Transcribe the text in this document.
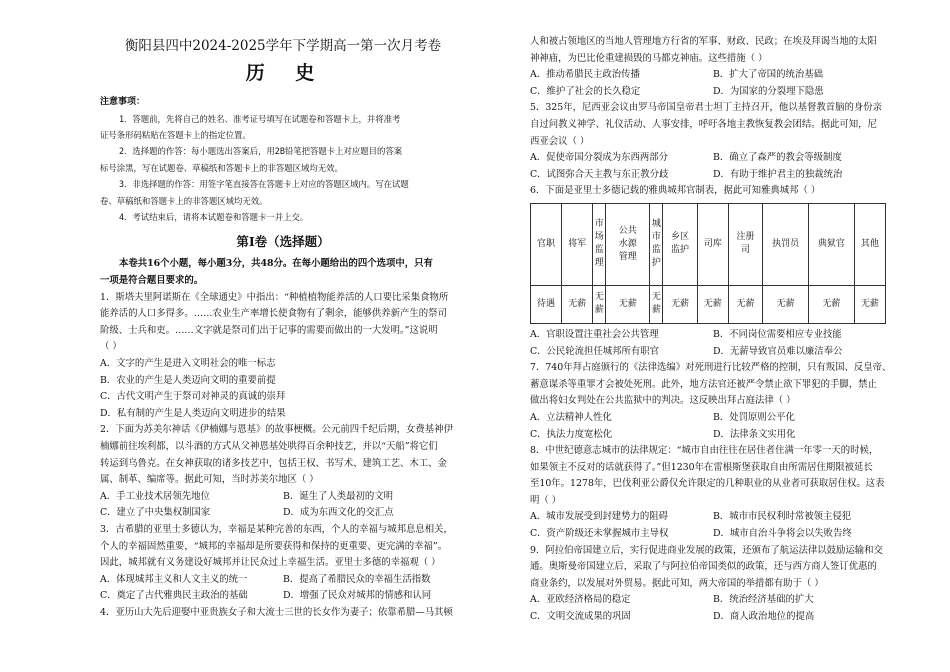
衡阳县四中2024-2025学年下学期高一第一次月考卷
历 史
注意事项：
1．答题前，先将自己的姓名、准考证号填写在试题卷和答题卡上，并将准考
证号条形码粘贴在答题卡上的指定位置。
2．选择题的作答：每小题选出答案后，用2B铅笔把答题卡上对应题目的答案
标号涂黑，写在试题卷、草稿纸和答题卡上的非答题区域均无效。
3．非选择题的作答：用签字笔直接答在答题卡上对应的答题区域内。写在试题
卷、草稿纸和答题卡上的非答题区域均无效。
4．考试结束后，请将本试题卷和答题卡一并上交。
第Ⅰ卷（选择题）
本卷共16个小题，每小题3分，共48分。在每小题给出的四个选项中，只有
一项是符合题目要求的。
1．斯塔夫里阿诺斯在《全球通史》中指出：“种植植物能养活的人口要比采集食物所
能养活的人口多得多。……农业生产率增长使食物有了剩余，能够供养新产生的祭司
阶级、士兵和吏。……文字就是祭司们出于记事的需要而做出的一大发明。”这说明
（ ）
A．文字的产生是进入文明社会的唯一标志
B．农业的产生是人类迈向文明的重要前提
C．古代文明产生于祭司对神灵的真诚的崇拜
D．私有制的产生是人类迈向文明进步的结果
2．下面为苏美尔神话《伊楠娜与恩基》的故事梗概。公元前四千纪后期，女费基神伊
楠娜前往埃利都，以斗酒的方式从父神恩基处哄得百余种技艺，并以“天船”将它们
转运到乌鲁克。在女神获取的诸多技艺中，包括王权、书写术、建筑工艺、木工、金
属、制革、编席等。据此可知，当时苏美尔地区（ ）
A．手工业技术居领先地位	B．诞生了人类最初的文明
C．建立了中央集权制国家	D．成为东西文化的交汇点
3．古希腊的亚里士多德认为，幸福是某种完善的东西，个人的幸福与城邦息息相关，
个人的幸福固然重要，“城邦的幸福却是所要获得和保持的更重要、更完满的幸福”。
因此，城邦就有义务建设好城邦并让民众过上幸福生活。亚里士多德的幸福观（ ）
A．体现城邦主义和人文主义的统一	B．提高了希腊民众的幸福生活指数
C．奠定了古代雅典民主政治的基础	D．增强了民众对城邦的情感和认同
4．亚历山大先后迎娶中亚贵族女子和大流士三世的长女作为妻子；依靠希腊—马其顿
人和被占领地区的当地人管理地方行省的军事、财政、民政；在埃及拜谒当地的太阳
神神庙，为巴比伦重建损毁的马都克神庙。这些措施（ ）
A．推动希腊民主政治传播	B．扩大了帝国的统治基础
C．维护了社会的长久稳定	D．为国家的分裂埋下隐患
5．325年，尼西亚会议由罗马帝国皇帝君士坦丁主持召开，他以基督教首脑的身份亲
自过问教义神学、礼仪活动、人事安排，呼吁各地主教恢复教会团结。据此可知，尼
西亚会议（ ）
A．促使帝国分裂成为东西两部分	B．确立了森严的教会等级制度
C．试图弥合天主教与东正教分歧	D．有助于维护君主的独裁统治
6．下面是亚里士多德记载的雅典城邦官制表，据此可知雅典城邦（ ）
官职	将军	市场监理	公共水源管理	城市监护	乡区监护	司库	注册司	执罚员	典狱官	其他
待遇	无薪	无薪	无薪	无薪	无薪	无薪	无薪	无薪	无薪	无薪
A．官职设置注重社会公共管理	B．不同岗位需要相应专业技能
C．公民轮流担任城邦所有职官	D．无薪导致官员难以廉洁奉公
7．740年拜占庭颁行的《法律选编》对死刑进行比较严格的控制，只有叛国、反皇帝、
蓄意谋杀等重罪才会被处死刑。此外，地方法官还被严令禁止欲下罪犯的手脚，禁止
做出将妇女判处在公共监狱中的判决。这反映出拜占庭法律（ ）
A．立法精神人性化	B．处罚原则公平化
C．执法力度宽松化	D．法律条文实用化
8．中世纪德意志城市的法律规定：“城市自由往往在居住者住满一年零一天的时候，
如果领主不反对的话就获得了。”但1230年在雷根斯堡获取自由所需居住期限被延长
至10年。1278年，巴伐利亚公爵仅允许限定的几种职业的从业者可获取居住权。这表
明（ ）
A．城市发展受到封建势力的阻碍	B．城市市民权利时常被领主侵犯
C．资产阶级还未掌握城市主导权	D．城市自治斗争将会以失败告终
9．阿拉伯帝国建立后，实行促进商业发展的政策，还颁布了航运法律以鼓励运输和交
通。奥斯曼帝国建立后，采取了与阿拉伯帝国类似的政策，还与西方商人签订优惠的
商业条约，以发展对外贸易。据此可知，两大帝国的举措都有助于（ ）
A．亚欧经济格局的稳定	B．统治经济基础的扩大
C．文明交流成果的巩固	D．商人政治地位的提高
